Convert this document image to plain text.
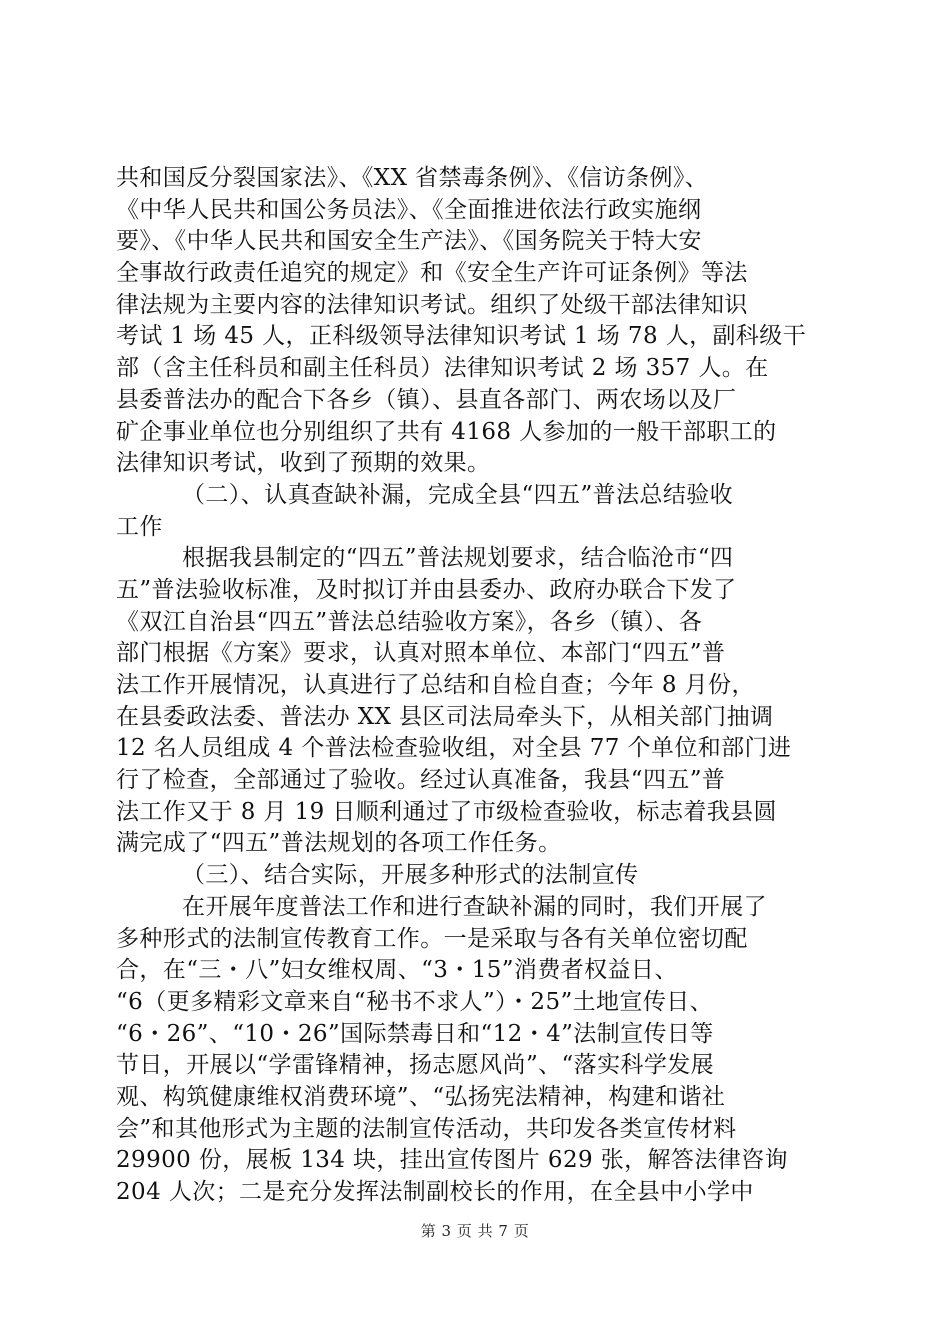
共和国反分裂国家法》、《XX 省禁毒条例》、《信访条例》、
《中华人民共和国公务员法》、《全面推进依法行政实施纲
要》、《中华人民共和国安全生产法》、《国务院关于特大安
全事故行政责任追究的规定》和《安全生产许可证条例》等法
律法规为主要内容的法律知识考试。组织了处级干部法律知识
考试 1 场 45 人，正科级领导法律知识考试 1 场 78 人，副科级干
部（含主任科员和副主任科员）法律知识考试 2 场 357 人。在
县委普法办的配合下各乡（镇）、县直各部门、两农场以及厂
矿企事业单位也分别组织了共有 4168 人参加的一般干部职工的
法律知识考试，收到了预期的效果。
（二）、认真查缺补漏，完成全县“四五”普法总结验收
工作
根据我县制定的“四五”普法规划要求，结合临沧市“四
五”普法验收标准，及时拟订并由县委办、政府办联合下发了
《双江自治县“四五”普法总结验收方案》，各乡（镇）、各
部门根据《方案》要求，认真对照本单位、本部门“四五”普
法工作开展情况，认真进行了总结和自检自查；今年 8 月份，
在县委政法委、普法办 XX 县区司法局牵头下，从相关部门抽调
12 名人员组成 4 个普法检查验收组，对全县 77 个单位和部门进
行了检查，全部通过了验收。经过认真准备，我县“四五”普
法工作又于 8 月 19 日顺利通过了市级检查验收，标志着我县圆
满完成了“四五”普法规划的各项工作任务。
（三）、结合实际，开展多种形式的法制宣传
在开展年度普法工作和进行查缺补漏的同时，我们开展了
多种形式的法制宣传教育工作。一是采取与各有关单位密切配
合，在“三・八”妇女维权周、“3・15”消费者权益日、
“6（更多精彩文章来自“秘书不求人”）・25”土地宣传日、
“6・26”、“10・26”国际禁毒日和“12・4”法制宣传日等
节日，开展以“学雷锋精神，扬志愿风尚”、“落实科学发展
观、构筑健康维权消费环境”、“弘扬宪法精神，构建和谐社
会”和其他形式为主题的法制宣传活动，共印发各类宣传材料
29900 份，展板 134 块，挂出宣传图片 629 张，解答法律咨询
204 人次；二是充分发挥法制副校长的作用，在全县中小学中
第 3 页 共 7 页
